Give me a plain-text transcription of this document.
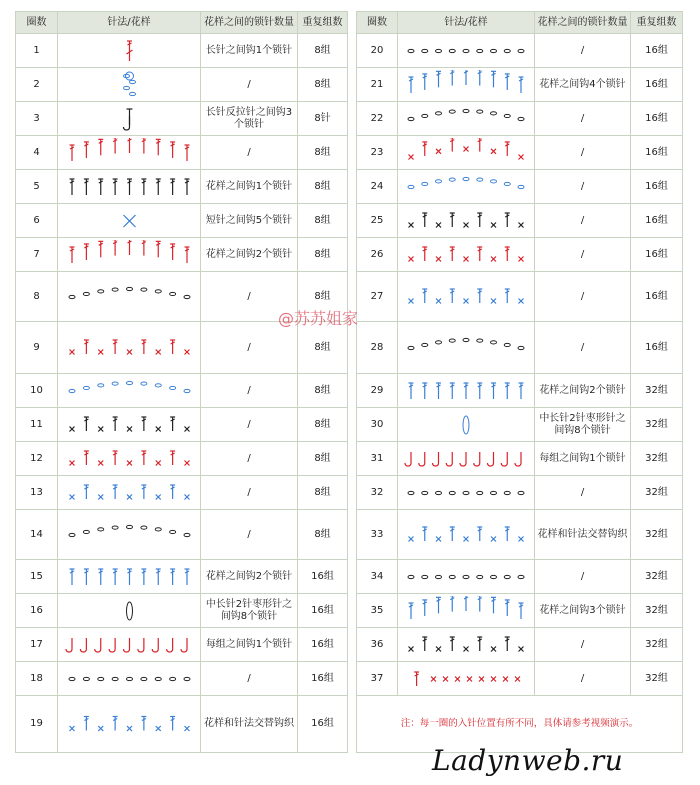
圈数	针法/花样	花样之间的锁针数量	重复组数
1		长针之间钩1个锁针	8组
2		/	8组
3		长针反拉针之间钩3个锁针	8针
4		/	8组
5		花样之间钩1个锁针	8组
6		短针之间钩5个锁针	8组
7		花样之间钩2个锁针	8组
8		/	8组
9		/	8组
10		/	8组
11		/	8组
12		/	8组
13		/	8组
14		/	8组
15		花样之间钩2个锁针	16组
16		中长针2针枣形针之间钩8个锁针	16组
17		每组之间钩1个锁针	16组
18		/	16组
19		花样和针法交替钩织	16组
圈数	针法/花样	花样之间的锁针数量	重复组数
20		/	16组
21		花样之间钩4个锁针	16组
22		/	16组
23		/	16组
24		/	16组
25		/	16组
26		/	16组
27		/	16组
28		/	16组
29		花样之间钩2个锁针	32组
30		中长针2针枣形针之间钩8个锁针	32组
31		每组之间钩1个锁针	32组
32		/	32组
33		花样和针法交替钩织	32组
34		/	32组
35		花样之间钩3个锁针	32组
36		/	32组
37		/	32组
注：每一圈的入针位置有所不同，具体请参考视频演示。			
@苏苏姐家
Ladynweb.ru
